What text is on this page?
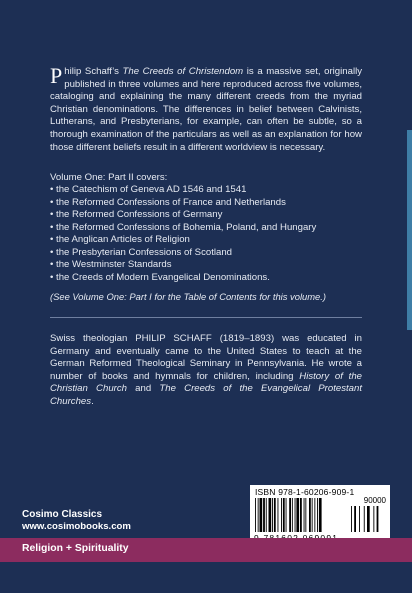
Philip Schaff’s The Creeds of Christendom is a massive set, originally published in three volumes and here reproduced across five volumes, cataloging and explaining the many different creeds from the myriad Christian denominations. The differences in belief between Calvinists, Lutherans, and Presbyterians, for example, can often be subtle, so a thorough examination of the particulars as well as an explanation for how those different beliefs result in a different worldview is necessary.

Volume One: Part II covers:

• the Catechism of Geneva AD 1546 and 1541
• the Reformed Confessions of France and Netherlands
• the Reformed Confessions of Germany
• the Reformed Confessions of Bohemia, Poland, and Hungary
• the Anglican Articles of Religion
• the Presbyterian Confessions of Scotland
• the Westminster Standards
• the Creeds of Modern Evangelical Denominations.

(See Volume One: Part I for the Table of Contents for this volume.)

Swiss theologian PHILIP SCHAFF (1819–1893) was educated in Germany and eventually came to the United States to teach at the German Reformed Theological Seminary in Pennsylvania. He wrote a number of books and hymnals for children, including History of the Christian Church and The Creeds of the Evangelical Protestant Churches.

Cosimo Classics
www.cosimobooks.com
ISBN 978-1-60206-909-1
90000
Religion + Spirituality
